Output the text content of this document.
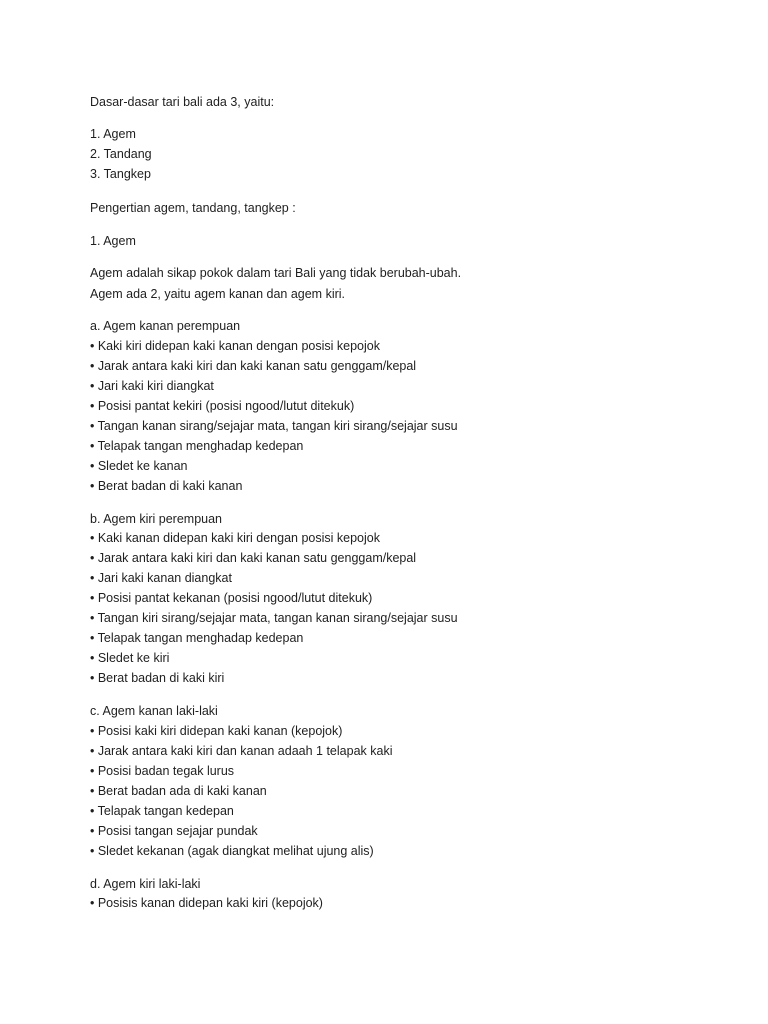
Dasar-dasar tari bali ada 3, yaitu:
1. Agem
2. Tandang
3. Tangkep
Pengertian agem, tandang, tangkep :
1. Agem
Agem adalah sikap pokok dalam tari Bali yang tidak berubah-ubah.
Agem ada 2, yaitu agem kanan dan agem kiri.
a. Agem kanan perempuan
• Kaki kiri didepan kaki kanan dengan posisi kepojok
• Jarak antara kaki kiri dan kaki kanan satu genggam/kepal
• Jari kaki kiri diangkat
• Posisi pantat kekiri (posisi ngood/lutut ditekuk)
• Tangan kanan sirang/sejajar mata, tangan kiri sirang/sejajar susu
• Telapak tangan menghadap kedepan
• Sledet ke kanan
• Berat badan di kaki kanan
b. Agem kiri perempuan
• Kaki kanan didepan kaki kiri dengan posisi kepojok
• Jarak antara kaki kiri dan kaki kanan satu genggam/kepal
• Jari kaki kanan diangkat
• Posisi pantat kekanan (posisi ngood/lutut ditekuk)
• Tangan kiri sirang/sejajar mata, tangan kanan sirang/sejajar susu
• Telapak tangan menghadap kedepan
• Sledet ke kiri
• Berat badan di kaki kiri
c. Agem kanan laki-laki
• Posisi kaki kiri didepan kaki kanan (kepojok)
• Jarak antara kaki kiri dan kanan adaah 1 telapak kaki
• Posisi badan tegak lurus
• Berat badan ada di kaki kanan
• Telapak tangan kedepan
• Posisi tangan sejajar pundak
• Sledet kekanan (agak diangkat melihat ujung alis)
d. Agem kiri laki-laki
• Posisis kanan didepan kaki kiri (kepojok)
